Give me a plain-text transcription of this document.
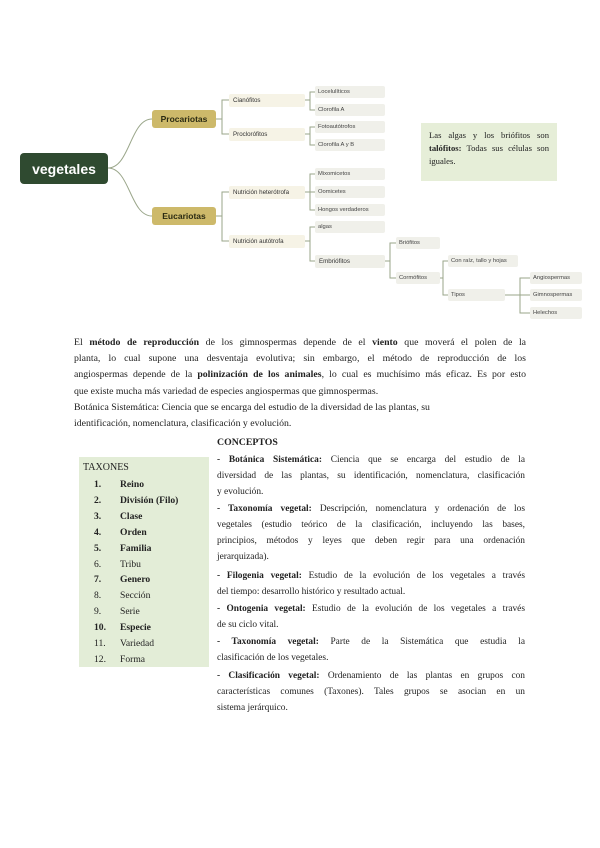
vegetales
Procariotas
Eucariotas
Cianófitos
Proclorófitos
Locelulíticos
Clorofila A
Fotoautótrofos
Clorofila A y B
Nutrición heterótrofa
Nutrición autótrofa
Mixomicetos
Oomicetes
Hongos verdaderos
algas
Embriófitos
Briófitos
Cormófitos
Con raíz, tallo y hojas
Tipos
Angiospermas
Gimnospermas
Helechos
Las algas y los briófitos son talófitos: Todas sus células son iguales.
El método de reproducción de los gimnospermas depende de el viento que moverá el polen de la
planta, lo cual supone una desventaja evolutiva; sin embargo, el método de reproducción de los
angiospermas depende de la polinización de los animales, lo cual es muchísimo más eficaz. Es por esto
que existe mucha más variedad de especies angiospermas que gimnospermas.
Botánica Sistemática: Ciencia que se encarga del estudio de la diversidad de las plantas, su
identificación, nomenclatura, clasificación y evolución.
TAXONES
1. Reino
2. División (Filo)
3. Clase
4. Orden
5. Familia
6. Tribu
7. Genero
8. Sección
9. Serie
10. Especie
11. Variedad
12. Forma
CONCEPTOS
- Botánica Sistemática: Ciencia que se encarga del estudio de la
diversidad de las plantas, su identificación, nomenclatura, clasificación
y evolución.
- Taxonomía vegetal: Descripción, nomenclatura y ordenación de los
vegetales (estudio teórico de la clasificación, incluyendo las bases,
principios, métodos y leyes que deben regir para una ordenación
jerarquizada).
- Filogenia vegetal: Estudio de la evolución de los vegetales a través
del tiempo: desarrollo histórico y resultado actual.
- Ontogenia vegetal: Estudio de la evolución de los vegetales a través
de su ciclo vital.
- Taxonomía vegetal: Parte de la Sistemática que estudia la
clasificación de los vegetales.
- Clasificación vegetal: Ordenamiento de las plantas en grupos con
características comunes (Taxones). Tales grupos se asocian en un
sistema jerárquico.
